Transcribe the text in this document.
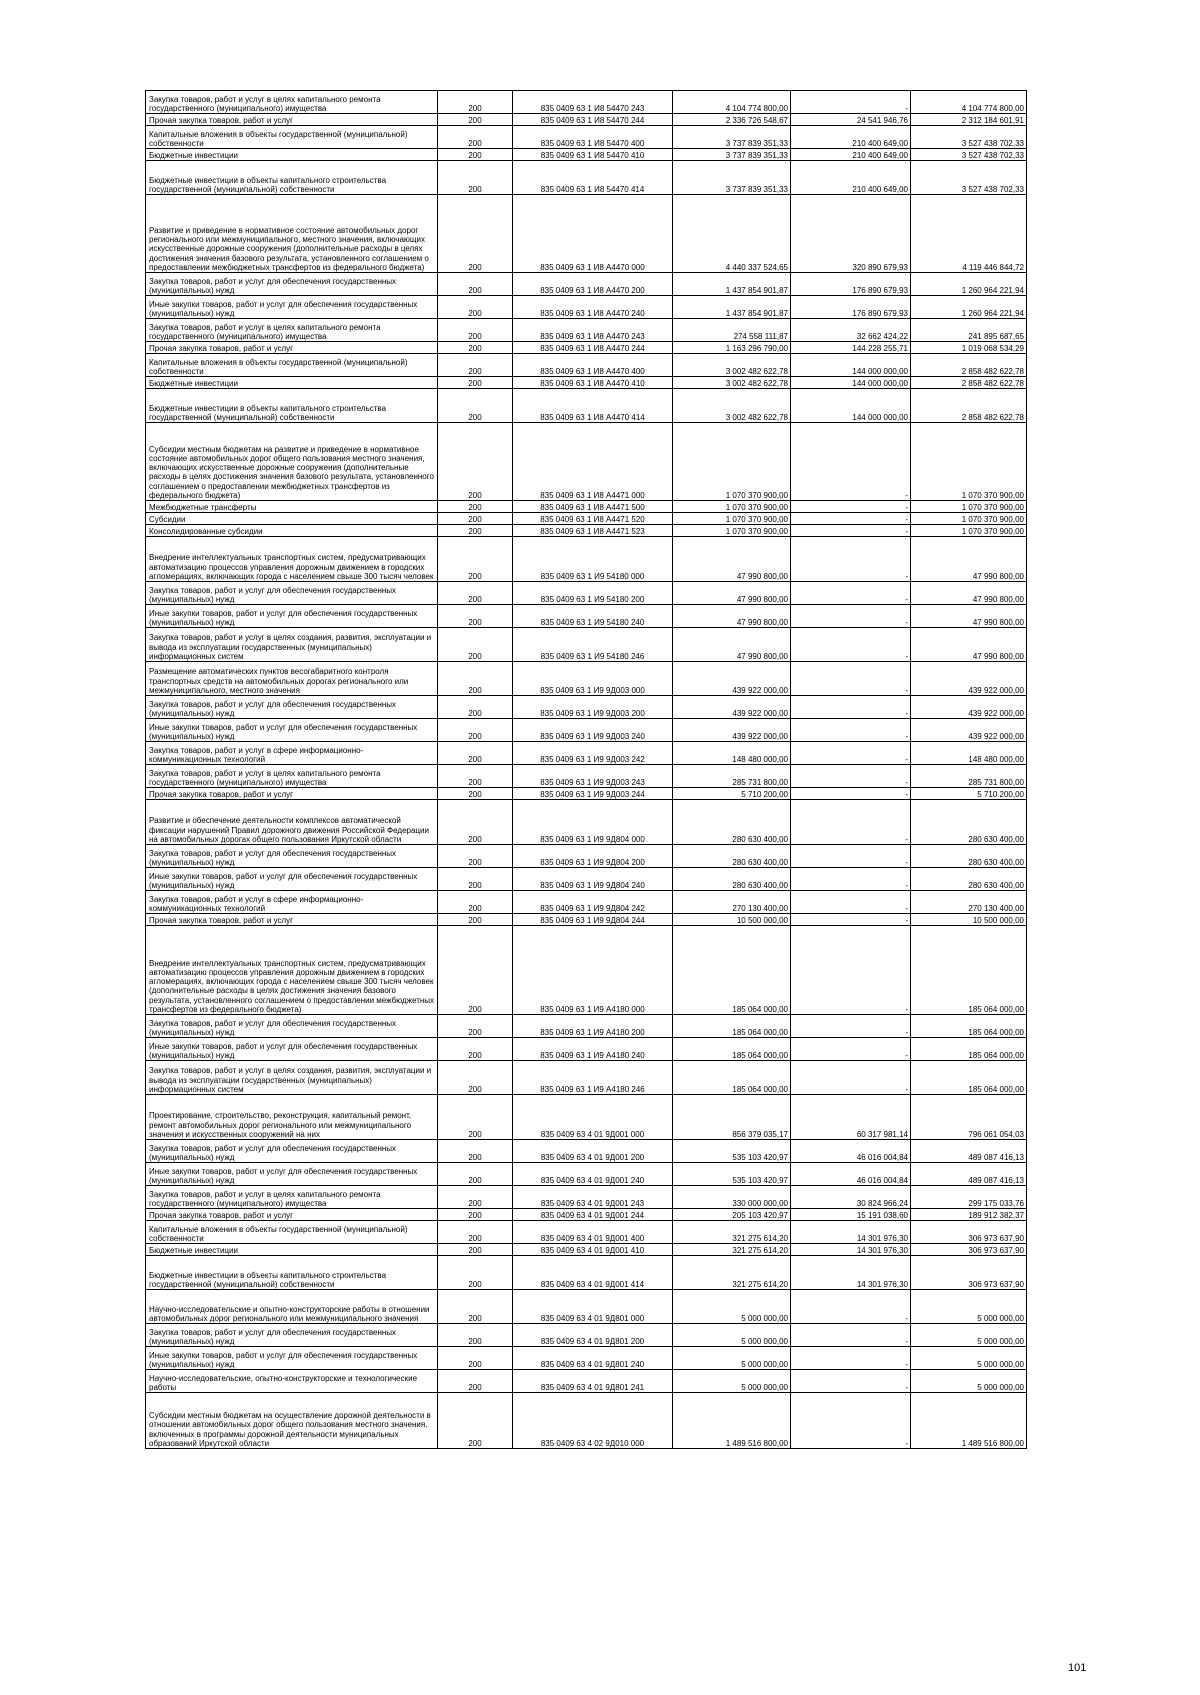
Закупка товаров, работ и услуг в целях капитального ремонта государственного (муниципального) имущества	200	835 0409 63 1 И8 54470 243	4 104 774 800,00	-	4 104 774 800,00
Прочая закупка товаров, работ и услуг	200	835 0409 63 1 И8 54470 244	2 336 726 548,67	24 541 946,76	2 312 184 601,91
Капитальные вложения в объекты государственной (муниципальной) собственности	200	835 0409 63 1 И8 54470 400	3 737 839 351,33	210 400 649,00	3 527 438 702,33
Бюджетные инвестиции	200	835 0409 63 1 И8 54470 410	3 737 839 351,33	210 400 649,00	3 527 438 702,33
Бюджетные инвестиции в объекты капитального строительства государственной (муниципальной) собственности	200	835 0409 63 1 И8 54470 414	3 737 839 351,33	210 400 649,00	3 527 438 702,33
Развитие и приведение в нормативное состояние автомобильных дорог регионального или межмуниципального, местного значения, включающих искусственные дорожные сооружения (дополнительные расходы в целях достижения значения базового результата, установленного соглашением о предоставлении межбюджетных трансфертов из федерального бюджета)	200	835 0409 63 1 И8 А4470 000	4 440 337 524,65	320 890 679,93	4 119 446 844,72
Закупка товаров, работ и услуг для обеспечения государственных (муниципальных) нужд	200	835 0409 63 1 И8 А4470 200	1 437 854 901,87	176 890 679,93	1 260 964 221,94
Иные закупки товаров, работ и услуг для обеспечения государственных (муниципальных) нужд	200	835 0409 63 1 И8 А4470 240	1 437 854 901,87	176 890 679,93	1 260 964 221,94
Закупка товаров, работ и услуг в целях капитального ремонта государственного (муниципального) имущества	200	835 0409 63 1 И8 А4470 243	274 558 111,87	32 662 424,22	241 895 687,65
Прочая закупка товаров, работ и услуг	200	835 0409 63 1 И8 А4470 244	1 163 296 790,00	144 228 255,71	1 019 068 534,29
Капитальные вложения в объекты государственной (муниципальной) собственности	200	835 0409 63 1 И8 А4470 400	3 002 482 622,78	144 000 000,00	2 858 482 622,78
Бюджетные инвестиции	200	835 0409 63 1 И8 А4470 410	3 002 482 622,78	144 000 000,00	2 858 482 622,78
Бюджетные инвестиции в объекты капитального строительства государственной (муниципальной) собственности	200	835 0409 63 1 И8 А4470 414	3 002 482 622,78	144 000 000,00	2 858 482 622,78
Субсидии местным бюджетам на развитие и приведение в нормативное состояние автомобильных дорог общего пользования местного значения, включающих искусственные дорожные сооружения (дополнительные расходы в целях достижения значения базового результата, установленного соглашением о предоставлении межбюджетных трансфертов из федерального бюджета)	200	835 0409 63 1 И8 А4471 000	1 070 370 900,00	-	1 070 370 900,00
Межбюджетные трансферты	200	835 0409 63 1 И8 А4471 500	1 070 370 900,00	-	1 070 370 900,00
Субсидии	200	835 0409 63 1 И8 А4471 520	1 070 370 900,00	-	1 070 370 900,00
Консолидированные субсидии	200	835 0409 63 1 И8 А4471 523	1 070 370 900,00	-	1 070 370 900,00
Внедрение интеллектуальных транспортных систем, предусматривающих автоматизацию процессов управления дорожным движением в городских агломерациях, включающих города с населением свыше 300 тысяч человек	200	835 0409 63 1 И9 54180 000	47 990 800,00	-	47 990 800,00
Закупка товаров, работ и услуг для обеспечения государственных (муниципальных) нужд	200	835 0409 63 1 И9 54180 200	47 990 800,00	-	47 990 800,00
Иные закупки товаров, работ и услуг для обеспечения государственных (муниципальных) нужд	200	835 0409 63 1 И9 54180 240	47 990 800,00	-	47 990 800,00
Закупка товаров, работ и услуг в целях создания, развития, эксплуатации и вывода из эксплуатации государственных (муниципальных) информационных систем	200	835 0409 63 1 И9 54180 246	47 990 800,00	-	47 990 800,00
Размещение автоматических пунктов весогабаритного контроля транспортных средств на автомобильных дорогах регионального или межмуниципального, местного значения	200	835 0409 63 1 И9 9Д003 000	439 922 000,00	-	439 922 000,00
Закупка товаров, работ и услуг для обеспечения государственных (муниципальных) нужд	200	835 0409 63 1 И9 9Д003 200	439 922 000,00	-	439 922 000,00
Иные закупки товаров, работ и услуг для обеспечения государственных (муниципальных) нужд	200	835 0409 63 1 И9 9Д003 240	439 922 000,00	-	439 922 000,00
Закупка товаров, работ и услуг в сфере информационно-коммуникационных технологий	200	835 0409 63 1 И9 9Д003 242	148 480 000,00	-	148 480 000,00
Закупка товаров, работ и услуг в целях капитального ремонта государственного (муниципального) имущества	200	835 0409 63 1 И9 9Д003 243	285 731 800,00	-	285 731 800,00
Прочая закупка товаров, работ и услуг	200	835 0409 63 1 И9 9Д003 244	5 710 200,00	-	5 710 200,00
Развитие и обеспечение деятельности комплексов автоматической фиксации нарушений Правил дорожного движения Российской Федерации на автомобильных дорогах общего пользования Иркутской области	200	835 0409 63 1 И9 9Д804 000	280 630 400,00	-	280 630 400,00
Закупка товаров, работ и услуг для обеспечения государственных (муниципальных) нужд	200	835 0409 63 1 И9 9Д804 200	280 630 400,00	-	280 630 400,00
Иные закупки товаров, работ и услуг для обеспечения государственных (муниципальных) нужд	200	835 0409 63 1 И9 9Д804 240	280 630 400,00	-	280 630 400,00
Закупка товаров, работ и услуг в сфере информационно-коммуникационных технологий	200	835 0409 63 1 И9 9Д804 242	270 130 400,00	-	270 130 400,00
Прочая закупка товаров, работ и услуг	200	835 0409 63 1 И9 9Д804 244	10 500 000,00	-	10 500 000,00
Внедрение интеллектуальных транспортных систем, предусматривающих автоматизацию процессов управления дорожным движением в городских агломерациях, включающих города с населением свыше 300 тысяч человек (дополнительные расходы в целях достижения значения базового результата, установленного соглашением о предоставлении межбюджетных трансфертов из федерального бюджета)	200	835 0409 63 1 И9 А4180 000	185 064 000,00	-	185 064 000,00
Закупка товаров, работ и услуг для обеспечения государственных (муниципальных) нужд	200	835 0409 63 1 И9 А4180 200	185 064 000,00	-	185 064 000,00
Иные закупки товаров, работ и услуг для обеспечения государственных (муниципальных) нужд	200	835 0409 63 1 И9 А4180 240	185 064 000,00	-	185 064 000,00
Закупка товаров, работ и услуг в целях создания, развития, эксплуатации и вывода из эксплуатации государственных (муниципальных) информационных систем	200	835 0409 63 1 И9 А4180 246	185 064 000,00	-	185 064 000,00
Проектирование, строительство, реконструкция, капитальный ремонт, ремонт автомобильных дорог регионального или межмуниципального значения и искусственных сооружений на них	200	835 0409 63 4 01 9Д001 000	856 379 035,17	60 317 981,14	796 061 054,03
Закупка товаров, работ и услуг для обеспечения государственных (муниципальных) нужд	200	835 0409 63 4 01 9Д001 200	535 103 420,97	46 016 004,84	489 087 416,13
Иные закупки товаров, работ и услуг для обеспечения государственных (муниципальных) нужд	200	835 0409 63 4 01 9Д001 240	535 103 420,97	46 016 004,84	489 087 416,13
Закупка товаров, работ и услуг в целях капитального ремонта государственного (муниципального) имущества	200	835 0409 63 4 01 9Д001 243	330 000 000,00	30 824 966,24	299 175 033,76
Прочая закупка товаров, работ и услуг	200	835 0409 63 4 01 9Д001 244	205 103 420,97	15 191 038,60	189 912 382,37
Капитальные вложения в объекты государственной (муниципальной) собственности	200	835 0409 63 4 01 9Д001 400	321 275 614,20	14 301 976,30	306 973 637,90
Бюджетные инвестиции	200	835 0409 63 4 01 9Д001 410	321 275 614,20	14 301 976,30	306 973 637,90
Бюджетные инвестиции в объекты капитального строительства государственной (муниципальной) собственности	200	835 0409 63 4 01 9Д001 414	321 275 614,20	14 301 976,30	306 973 637,90
Научно-исследовательские и опытно-конструкторские работы в отношении автомобильных дорог регионального или межмуниципального значения	200	835 0409 63 4 01 9Д801 000	5 000 000,00	-	5 000 000,00
Закупка товаров, работ и услуг для обеспечения государственных (муниципальных) нужд	200	835 0409 63 4 01 9Д801 200	5 000 000,00	-	5 000 000,00
Иные закупки товаров, работ и услуг для обеспечения государственных (муниципальных) нужд	200	835 0409 63 4 01 9Д801 240	5 000 000,00	-	5 000 000,00
Научно-исследовательские, опытно-конструкторские и технологические работы	200	835 0409 63 4 01 9Д801 241	5 000 000,00	-	5 000 000,00
Субсидии местным бюджетам на осуществление дорожной деятельности в отношении автомобильных дорог общего пользования местного значения, включенных в программы дорожной деятельности муниципальных образований Иркутской области	200	835 0409 63 4 02 9Д010 000	1 489 516 800,00	-	1 489 516 800,00
101
